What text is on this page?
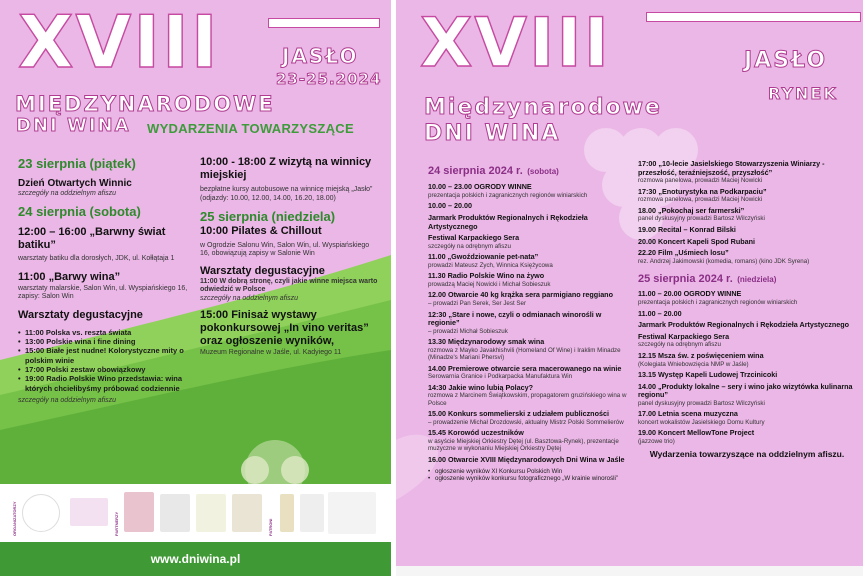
XVIII	JASŁO
23-25.2024
MIĘDZYNARODOWE
DNI WINA WYDARZENIA TOWARZYSZĄCE
23 sierpnia (piątek)
Dzień Otwartych Winnic
szczegóły na oddzielnym afiszu
24 sierpnia (sobota)
12:00 – 16:00 „Barwny świat batiku”
warsztaty batiku dla dorosłych, JDK, ul. Kołłątaja 1
11:00 „Barwy wina”
warsztaty malarskie, Salon Win, ul. Wyspiańskiego 16, zapisy: Salon Win
Warsztaty degustacyjne
• 11:00 Polska vs. reszta świata
• 13:00 Polskie wina i fine dining
• 15:00 Białe jest nudne! Kolorystyczne mity o polskim winie
• 17:00 Polski zestaw obowiązkowy
• 19:00 Radio Polskie Wino przedstawia: wina których chciełibyśmy próbować codziennie
szczegóły na oddzielnym afiszu
10:00 - 18:00 Z wizytą na winnicy miejskiej
bezpłatne kursy autobusowe na winnicę miejską „Jasło”
(odjazdy: 10.00, 12.00, 14.00, 16.20, 18.00)
25 sierpnia (niedziela)
10:00 Pilates & Chillout
w Ogrodzie Salonu Win, Salon Win, ul. Wyspiańskiego 16, obowiązują zapisy w Salonie Win
Warsztaty degustacyjne
11:00 W dobrą stronę, czyli jakie winne miejsca warto odwiedzić w Polsce
szczegóły na oddzielnym afiszu
15:00 Finisaż wystawy pokonkursowej „In vino veritas” oraz ogłoszenie wyników,
Muzeum Regionalne w Jaśle, ul. Kadyiego 11
ORGANIZATORZY	PARTNERZY	PATRONI
www.dniwina.pl
XVIII	JASŁO
RYNEK
Międzynarodowe
DNI WINA
24 sierpnia 2024 r. (sobota)
10.00 – 23.00 OGRODY WINNE
prezentacja polskich i zagranicznych regionów winiarskich
10.00 – 20.00
Jarmark Produktów Regionalnych i Rękodzieła Artystycznego
Festiwal Karpackiego Sera
szczegóły na odrębnym afiszu
11.00 „Gwoździowanie pet-nata”
prowadzi Mateusz Zych, Winnica Księżycowa
11.30 Radio Polskie Wino na żywo
prowadzą Maciej Nowicki i Michał Sobieszuk
12.00 Otwarcie 40 kg krążka sera parmigiano reggiano
– prowadzi Pan Serek, Ser Jest Ser
12:30 „Stare i nowe, czyli o odmianach winorośli w regionie”
– prowadzi Michał Sobieszuk
13.30 Międzynarodowy smak wina
rozmowa z Mayko Javakhishvili (Homeland Of Wine) i Iraklim Minadze (Minadze's Mariani Phersvi)
14.00 Premierowe otwarcie sera macerowanego na winie
Serowarnia Granice i Podkarpacka Manufaktura Win
14:30 Jakie wino lubią Polacy?
rozmowa z Marcinem Świątkowskim, propagatorem gruzińskiego wina w Polsce
15.00 Konkurs sommelierski z udziałem publiczności
– prowadzenie Michał Drozdowski, aktualny Mistrz Polski Sommelierów
15.45 Korowód uczestników
w asyście Miejskiej Orkiestry Dętej (ul. Basztowa-Rynek), prezentacje muzyczne w wykonaniu Miejskiej Orkiestry Dętej
16.00 Otwarcie XVIII Międzynarodowych Dni Wina w Jaśle
• ogłoszenie wyników XI Konkursu Polskich Win
• ogłoszenie wyników konkursu fotograficznego „W krainie winorośli”
17:00 „10-lecie Jasielskiego Stowarzyszenia Winiarzy - przeszłość, teraźniejszość, przyszłość”
rozmowa panelowa, prowadzi Maciej Nowicki
17:30 „Enoturystyka na Podkarpaciu”
rozmowa panelowa, prowadzi Maciej Nowicki
18.00 „Pokochaj ser farmerski”
panel dyskusyjny prowadzi Bartosz Wilczyński
19.00 Recital – Konrad Bilski
20.00 Koncert Kapeli Spod Rubani
22.20 Film „Uśmiech losu”
rez. Andrzej Jakimowski (komedia, romans) (kino JDK Syrena)
25 sierpnia 2024 r. (niedziela)
11.00 – 20.00 OGRODY WINNE
prezentacja polskich i zagranicznych regionów winiarskich
11.00 – 20.00
Jarmark Produktów Regionalnych i Rękodzieła Artystycznego
Festiwal Karpackiego Sera
szczegóły na odrębnym afiszu
12.15 Msza św. z poświęceniem wina
(Kolegiata Wniebowzięcia NMP w Jaśle)
13.15 Występ Kapeli Ludowej Trzcinicoki
14.00 „Produkty lokalne – sery i wino jako wizytówka kulinarna regionu”
panel dyskusyjny prowadzi Bartosz Wilczyński
17.00 Letnia scena muzyczna
koncert wokalistów Jasielskiego Domu Kultury
19.00 Koncert MellowTone Project
(jazzowe trio)
Wydarzenia towarzyszące na oddzielnym afiszu.
